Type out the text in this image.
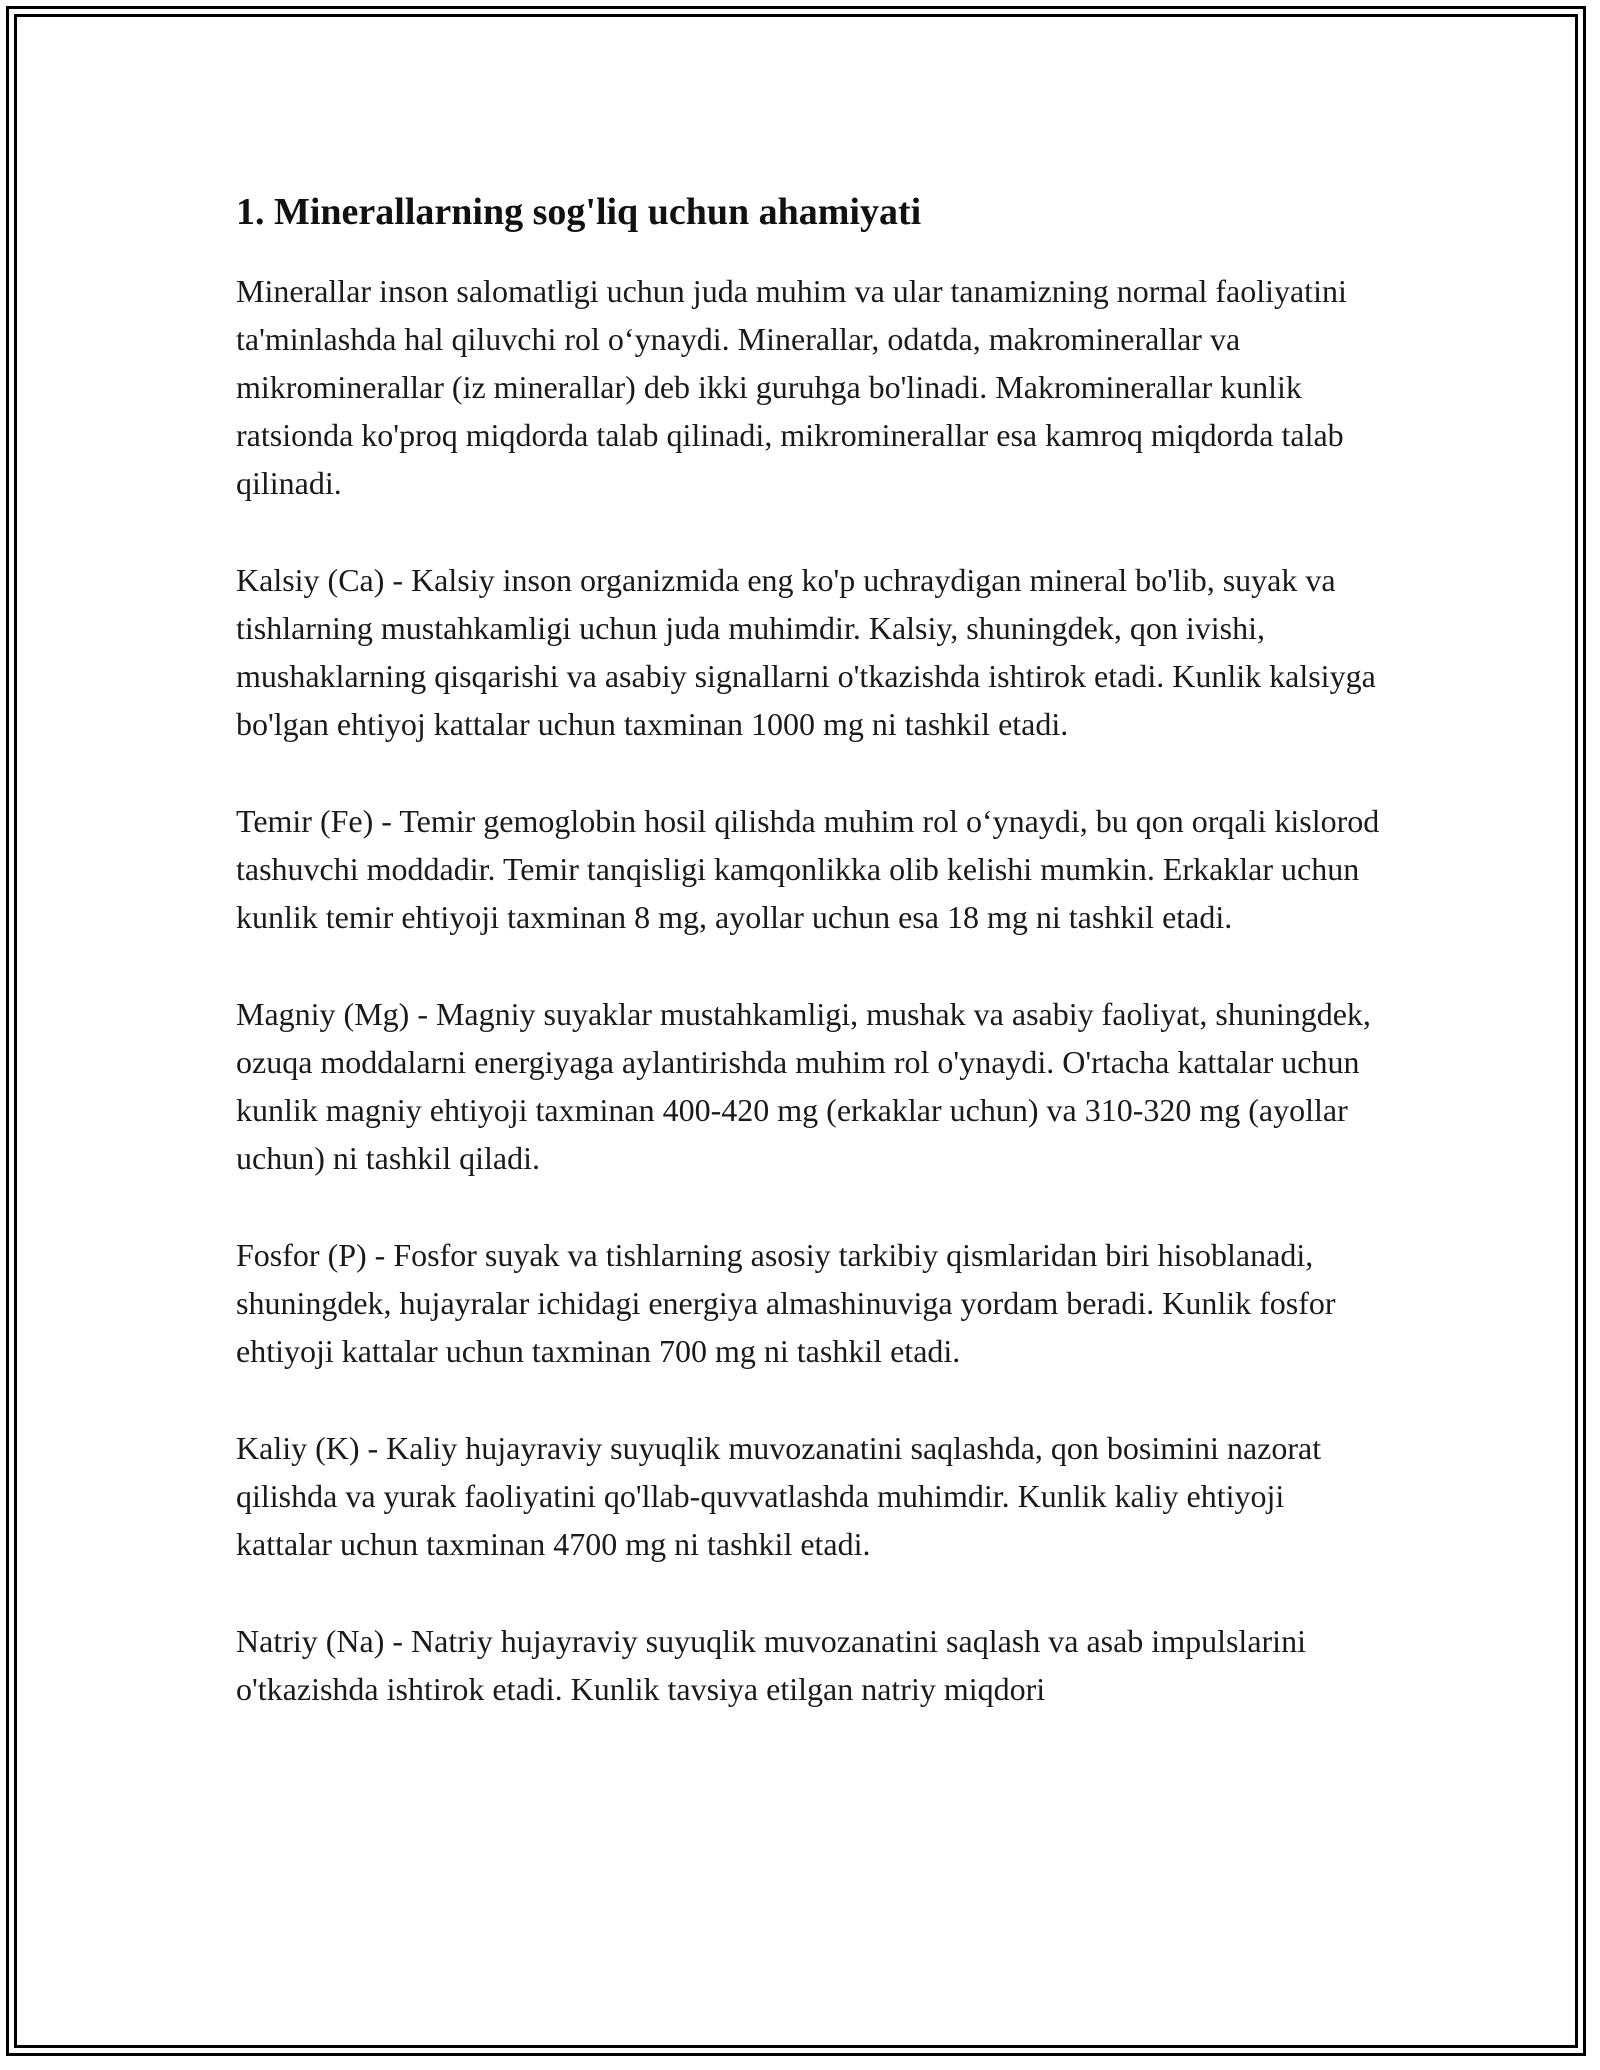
1. Minerallarning sog'liq uchun ahamiyati

Minerallar inson salomatligi uchun juda muhim va ular tanamizning normal faoliyatini ta'minlashda hal qiluvchi rol o‘ynaydi. Minerallar, odatda, makrominerallar va mikrominerallar (iz minerallar) deb ikki guruhga bo'linadi. Makrominerallar kunlik ratsionda ko'proq miqdorda talab qilinadi, mikrominerallar esa kamroq miqdorda talab qilinadi.

Kalsiy (Ca) - Kalsiy inson organizmida eng ko'p uchraydigan mineral bo'lib, suyak va tishlarning mustahkamligi uchun juda muhimdir. Kalsiy, shuningdek, qon ivishi, mushaklarning qisqarishi va asabiy signallarni o'tkazishda ishtirok etadi. Kunlik kalsiyga bo'lgan ehtiyoj kattalar uchun taxminan 1000 mg ni tashkil etadi.

Temir (Fe) - Temir gemoglobin hosil qilishda muhim rol o‘ynaydi, bu qon orqali kislorod tashuvchi moddadir. Temir tanqisligi kamqonlikka olib kelishi mumkin. Erkaklar uchun kunlik temir ehtiyoji taxminan 8 mg, ayollar uchun esa 18 mg ni tashkil etadi.

Magniy (Mg) - Magniy suyaklar mustahkamligi, mushak va asabiy faoliyat, shuningdek, ozuqa moddalarni energiyaga aylantirishda muhim rol o'ynaydi. O'rtacha kattalar uchun kunlik magniy ehtiyoji taxminan 400-420 mg (erkaklar uchun) va 310-320 mg (ayollar uchun) ni tashkil qiladi.

Fosfor (P) - Fosfor suyak va tishlarning asosiy tarkibiy qismlaridan biri hisoblanadi, shuningdek, hujayralar ichidagi energiya almashinuviga yordam beradi. Kunlik fosfor ehtiyoji kattalar uchun taxminan 700 mg ni tashkil etadi.

Kaliy (K) - Kaliy hujayraviy suyuqlik muvozanatini saqlashda, qon bosimini nazorat qilishda va yurak faoliyatini qo'llab-quvvatlashda muhimdir. Kunlik kaliy ehtiyoji kattalar uchun taxminan 4700 mg ni tashkil etadi.

Natriy (Na) - Natriy hujayraviy suyuqlik muvozanatini saqlash va asab impulslarini o'tkazishda ishtirok etadi. Kunlik tavsiya etilgan natriy miqdori
